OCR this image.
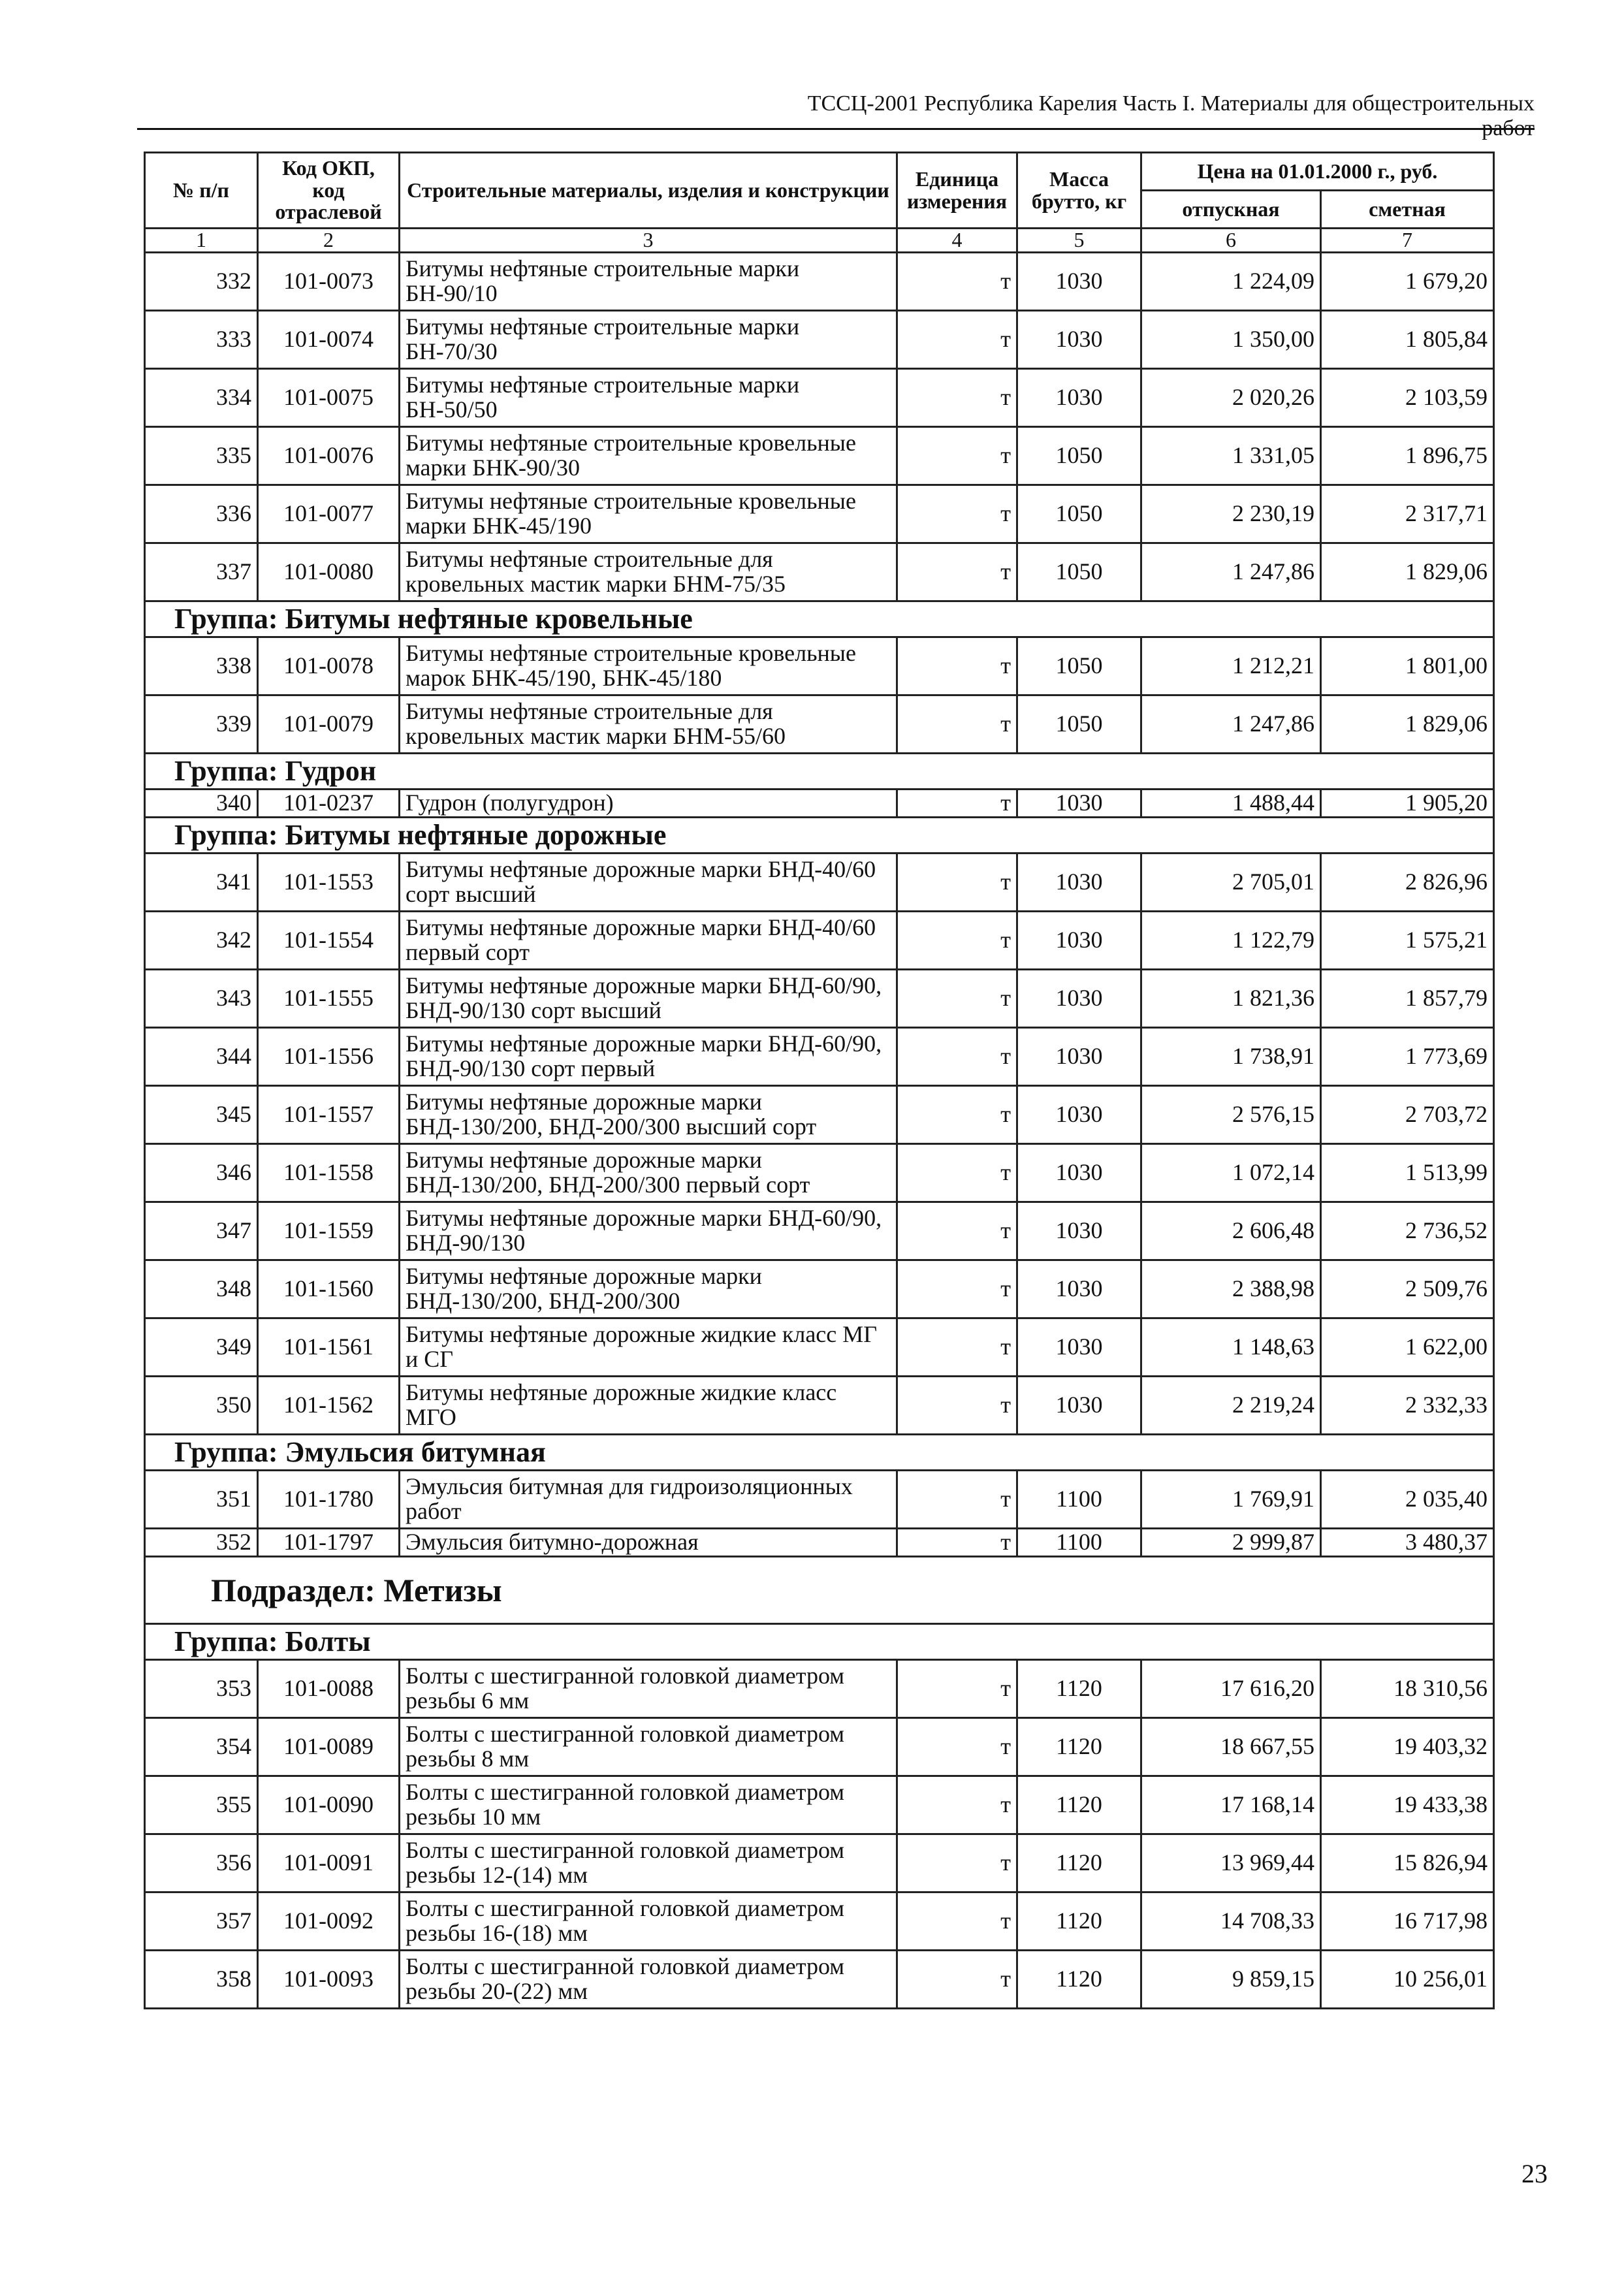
ТССЦ-2001 Республика Карелия Часть I. Материалы для общестроительных работ
№ п/п	Код ОКП, код отраслевой	Строительные материалы, изделия и конструкции	Единица измерения	Масса брутто, кг	Цена на 01.01.2000 г., руб.	
					отпускная	сметная
1	2	3	4	5	6	7
332	101-0073	Битумы нефтяные строительные марки БН-90/10	т	1030	1 224,09	1 679,20
333	101-0074	Битумы нефтяные строительные марки БН-70/30	т	1030	1 350,00	1 805,84
334	101-0075	Битумы нефтяные строительные марки БН-50/50	т	1030	2 020,26	2 103,59
335	101-0076	Битумы нефтяные строительные кровельные марки БНК-90/30	т	1050	1 331,05	1 896,75
336	101-0077	Битумы нефтяные строительные кровельные марки БНК-45/190	т	1050	2 230,19	2 317,71
337	101-0080	Битумы нефтяные строительные для кровельных мастик марки БНМ-75/35	т	1050	1 247,86	1 829,06
Группа: Битумы нефтяные кровельные						
338	101-0078	Битумы нефтяные строительные кровельные марок БНК-45/190, БНК-45/180	т	1050	1 212,21	1 801,00
339	101-0079	Битумы нефтяные строительные для кровельных мастик марки БНМ-55/60	т	1050	1 247,86	1 829,06
Группа: Гудрон						
340	101-0237	Гудрон (полугудрон)	т	1030	1 488,44	1 905,20
Группа: Битумы нефтяные дорожные						
341	101-1553	Битумы нефтяные дорожные марки БНД-40/60 сорт высший	т	1030	2 705,01	2 826,96
342	101-1554	Битумы нефтяные дорожные марки БНД-40/60 первый сорт	т	1030	1 122,79	1 575,21
343	101-1555	Битумы нефтяные дорожные марки БНД-60/90, БНД-90/130 сорт высший	т	1030	1 821,36	1 857,79
344	101-1556	Битумы нефтяные дорожные марки БНД-60/90, БНД-90/130 сорт первый	т	1030	1 738,91	1 773,69
345	101-1557	Битумы нефтяные дорожные марки БНД-130/200, БНД-200/300 высший сорт	т	1030	2 576,15	2 703,72
346	101-1558	Битумы нефтяные дорожные марки БНД-130/200, БНД-200/300 первый сорт	т	1030	1 072,14	1 513,99
347	101-1559	Битумы нефтяные дорожные марки БНД-60/90, БНД-90/130	т	1030	2 606,48	2 736,52
348	101-1560	Битумы нефтяные дорожные марки БНД-130/200, БНД-200/300	т	1030	2 388,98	2 509,76
349	101-1561	Битумы нефтяные дорожные жидкие класс МГ и СГ	т	1030	1 148,63	1 622,00
350	101-1562	Битумы нефтяные дорожные жидкие класс МГО	т	1030	2 219,24	2 332,33
Группа: Эмульсия битумная						
351	101-1780	Эмульсия битумная для гидроизоляционных работ	т	1100	1 769,91	2 035,40
352	101-1797	Эмульсия битумно-дорожная	т	1100	2 999,87	3 480,37
Подраздел: Метизы						
Группа: Болты						
353	101-0088	Болты с шестигранной головкой диаметром резьбы 6 мм	т	1120	17 616,20	18 310,56
354	101-0089	Болты с шестигранной головкой диаметром резьбы 8 мм	т	1120	18 667,55	19 403,32
355	101-0090	Болты с шестигранной головкой диаметром резьбы 10 мм	т	1120	17 168,14	19 433,38
356	101-0091	Болты с шестигранной головкой диаметром резьбы 12-(14) мм	т	1120	13 969,44	15 826,94
357	101-0092	Болты с шестигранной головкой диаметром резьбы 16-(18) мм	т	1120	14 708,33	16 717,98
358	101-0093	Болты с шестигранной головкой диаметром резьбы 20-(22) мм	т	1120	9 859,15	10 256,01
23
